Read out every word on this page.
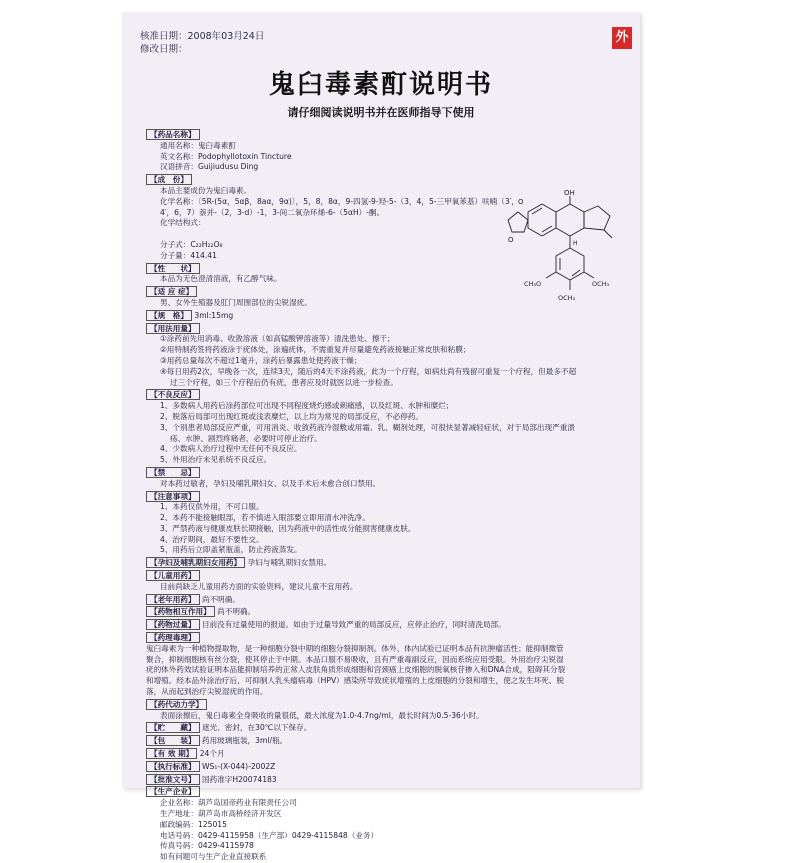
核准日期：2008年03月24日
修改日期：
外
鬼臼毒素酊说明书
请仔细阅读说明书并在医师指导下使用
【药品名称】
通用名称：鬼臼毒素酊
英文名称：Podophyllotoxin Tincture
汉语拼音：Guijiudusu Ding
【成　份】
本品主要成份为鬼臼毒素。
化学名称：〔5R-(5α，5αβ，8aα，9α)〕，5，8，8α，9-四氢-9-羟-5-（3，4，5-三甲氧苯基）呋喃（3′，
4′，6，7）萘并-（2，3-d）-1，3-间二氧杂环烯-6-（5αH）-酮。
化学结构式：
分子式：C₂₂H₂₂O₈
分子量：414.41
【性　　状】
本品为无色澄清溶液，有乙醇气味。
【适 应 症】
男、女外生殖器及肛门周围部位的尖锐湿疣。
【规　格】 3ml:15mg
【用法用量】
①涂药前先用消毒、收敛溶液（如高锰酸钾溶液等）清洗患处、擦干；
②用特制药签将药液涂于疣体处，涂遍疣体，不需重复并尽量避免药液接触正常皮肤和粘膜；
③用药总量每次不超过1毫升，涂药后暴露患处使药液干燥；
④每日用药2次，早晚各一次，连续3天，随后的4天不涂药液，此为一个疗程，如病灶尚有残留可重复一个疗程，但最多不超
过三个疗程，如三个疗程后仍有疣，患者应及时就医以进一步检查。
【不良反应】
1、多数病人用药后涂药部位可出现不同程度烧灼感或刺痛感，以及红斑、水肿和糜烂；
2、脱落后局部可出现红斑或浅表糜烂，以上均为常见的局部反应，不必停药。
3、个别患者局部反应严重，可用消炎、收敛药液冷湿敷或用霜、乳、糊剂处理，可很快显著减轻症状，对于局部出现严重溃
疡、水肿、剧烈疼痛者，必要时可停止治疗。
4、少数病人治疗过程中无任何不良反应。
5、外用治疗未见系统不良反应。
【禁　　忌】
对本药过敏者，孕妇及哺乳期妇女、以及手术后未愈合创口禁用。
【注意事项】
1、本药仅供外用，不可口服。
2、本药不能接触眼部，若不慎进入眼部要立即用清水冲洗净。
3、严禁药液与健康皮肤长期接触，因为药液中的活性成分能损害健康皮肤。
4、治疗期间，最好不要性交。
5、用药后立即盖紧瓶盖，防止药液蒸发。
【孕妇及哺乳期妇女用药】 孕妇与哺乳期妇女禁用。
【儿童用药】
目前尚缺乏儿童用药方面的实验资料，建议儿童不宜用药。
【老年用药】 尚不明确。
【药物相互作用】 尚不明确。
【药物过量】 目前没有过量使用的报道。如由于过量导致严重的局部反应，应停止治疗，同时清洗局部。
【药理毒理】
鬼臼毒素为一种植物提取物，是一种细胞分裂中期的细胞分裂抑制剂。体外、体内试验已证明本品有抗肿瘤活性；能抑制微管
聚合，抑制细胞核有丝分裂，使其停止于中期。本品口服不易吸收，且有严重毒副反应，因而系统应用受限。外用治疗尖锐湿
疣的体外药效试验证明本品能抑制培养的正常人皮肤角质形成细胞和宫颈癌上皮细胞的脱氧核苷掺入和DNA合成，阻碍其分裂
和增殖。经本品外涂治疗后，可抑制人乳头瘤病毒（HPV）感染所导致疣状增殖的上皮细胞的分裂和增生，使之发生坏死、脱
落，从而起到治疗尖锐湿疣的作用。
【药代动力学】
表面涂擦后，鬼臼毒素全身吸收的量很低，最大浓度为1.0-4.7ng/ml，最长时间为0.5-36小时。
【贮　　藏】 遮光、密封，在30℃以下保存。
【包　　装】 药用玻璃瓶装，3ml/瓶。
【有 效 期】 24个月
【执行标准】 WS₁-(X-044)-2002Z
【批准文号】 国药准字H20074183
【生产企业】
企业名称：葫芦岛国帝药业有限责任公司
生产地址：葫芦岛市高桥经济开发区
邮政编码：125015
电话号码：0429-4115958（生产部）0429-4115848（业务）
传真号码：0429-4115978
如有问题可与生产企业直接联系
O
O
OH
H
CH₃O
OCH₃
OCH₃
